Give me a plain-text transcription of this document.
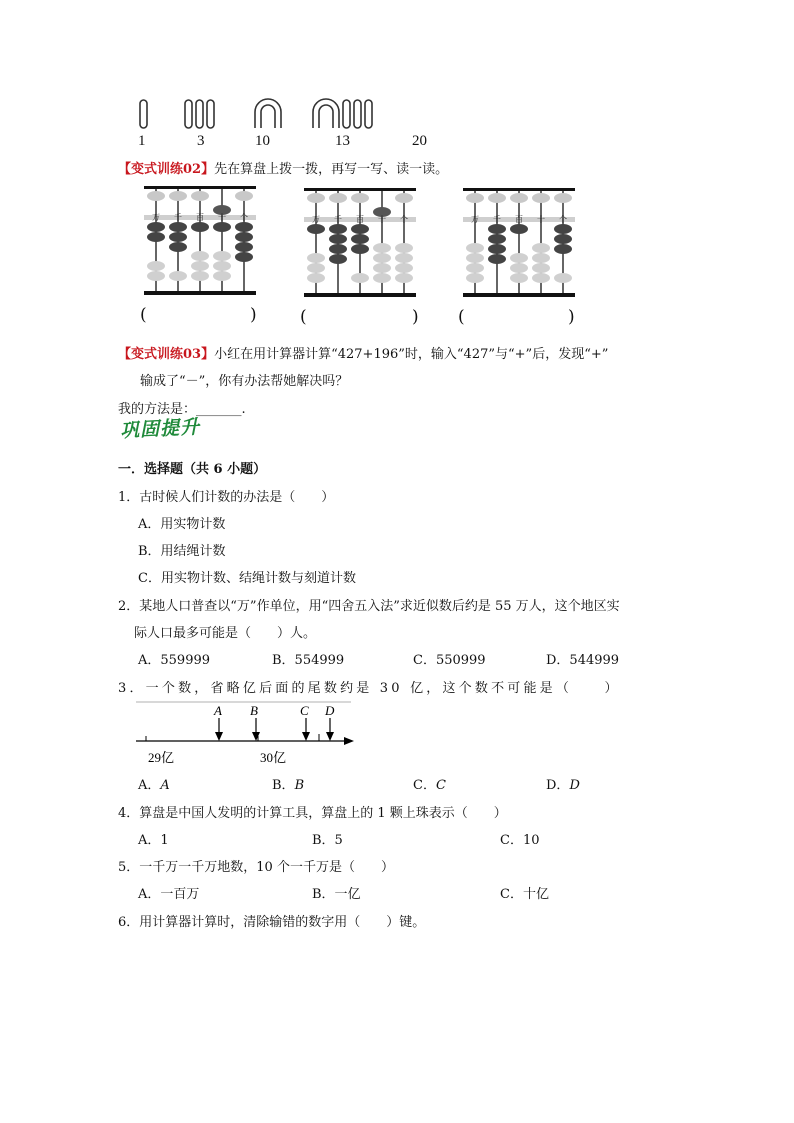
1	3	10	13	20
【变式训练02】先在算盘上拨一拨，再写一写、读一读。
万 千 百 十 个	万 千 百 十 个	万 千 百 十 个
(	)	(	) (	)
【变式训练03】小红在用计算器计算“427+196”时，输入“427”与“+”后，发现“+”
输成了“－”，你有办法帮她解决吗？
我的方法是：_______.
巩固提升
一．选择题（共 6 小题）
1．古时候人们计数的办法是（　　）
A．用实物计数
B．用结绳计数
C．用实物计数、结绳计数与刻道计数
2．某地人口普查以“万”作单位，用“四舍五入法”求近似数后约是 55 万人，这个地区实
际人口最多可能是（　　）人。
A．559999	B．554999	C．550999	D．544999
3．一个数，省略亿后面的尾数约是 30 亿，这个数不可能是（　　）
A B	C D
29亿	30亿
A．A	B．B	C．C	D．D
4．算盘是中国人发明的计算工具，算盘上的 1 颗上珠表示（　　）
A．1	B．5	C．10
5．一千万一千万地数，10 个一千万是（　　）
A．一百万	B．一亿	C．十亿
6．用计算器计算时，清除输错的数字用（　　）键。
